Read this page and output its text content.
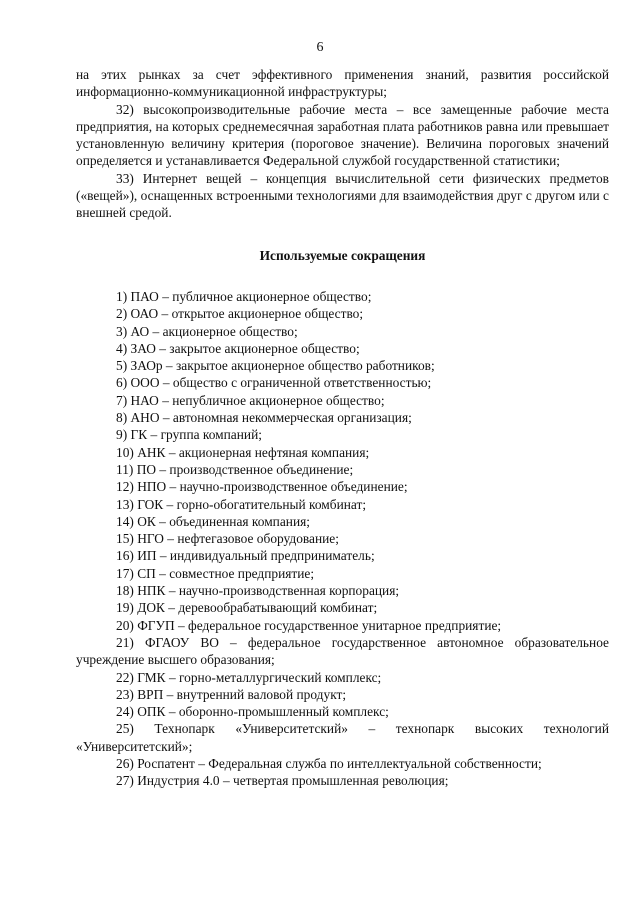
6

на этих рынках за счет эффективного применения знаний, развития российской информационно-коммуникационной инфраструктуры;

32) высокопроизводительные рабочие места – все замещенные рабочие места предприятия, на которых среднемесячная заработная плата работников равна или превышает установленную величину критерия (пороговое значение). Величина пороговых значений определяется и устанавливается Федеральной службой государственной статистики;

33) Интернет вещей – концепция вычислительной сети физических предметов («вещей»), оснащенных встроенными технологиями для взаимодействия друг с другом или с внешней средой.

Используемые сокращения

1) ПАО – публичное акционерное общество;

2) ОАО – открытое акционерное общество;

3) АО – акционерное общество;

4) ЗАО – закрытое акционерное общество;

5) ЗАОр – закрытое акционерное общество работников;

6) ООО – общество с ограниченной ответственностью;

7) НАО – непубличное акционерное общество;

8) АНО – автономная некоммерческая организация;

9) ГК – группа компаний;

10) АНК – акционерная нефтяная компания;

11) ПО – производственное объединение;

12) НПО – научно-производственное объединение;

13) ГОК – горно-обогатительный комбинат;

14) ОК – объединенная компания;

15) НГО – нефтегазовое оборудование;

16) ИП – индивидуальный предприниматель;

17) СП – совместное предприятие;

18) НПК – научно-производственная корпорация;

19) ДОК – деревообрабатывающий комбинат;

20) ФГУП – федеральное государственное унитарное предприятие;

21) ФГАОУ ВО – федеральное государственное автономное образовательное учреждение высшего образования;

22) ГМК – горно-металлургический комплекс;

23) ВРП – внутренний валовой продукт;

24) ОПК – оборонно-промышленный комплекс;

25) Технопарк «Университетский» – технопарк высоких технологий «Университетский»;

26) Роспатент – Федеральная служба по интеллектуальной собственности;

27) Индустрия 4.0 – четвертая промышленная революция;
